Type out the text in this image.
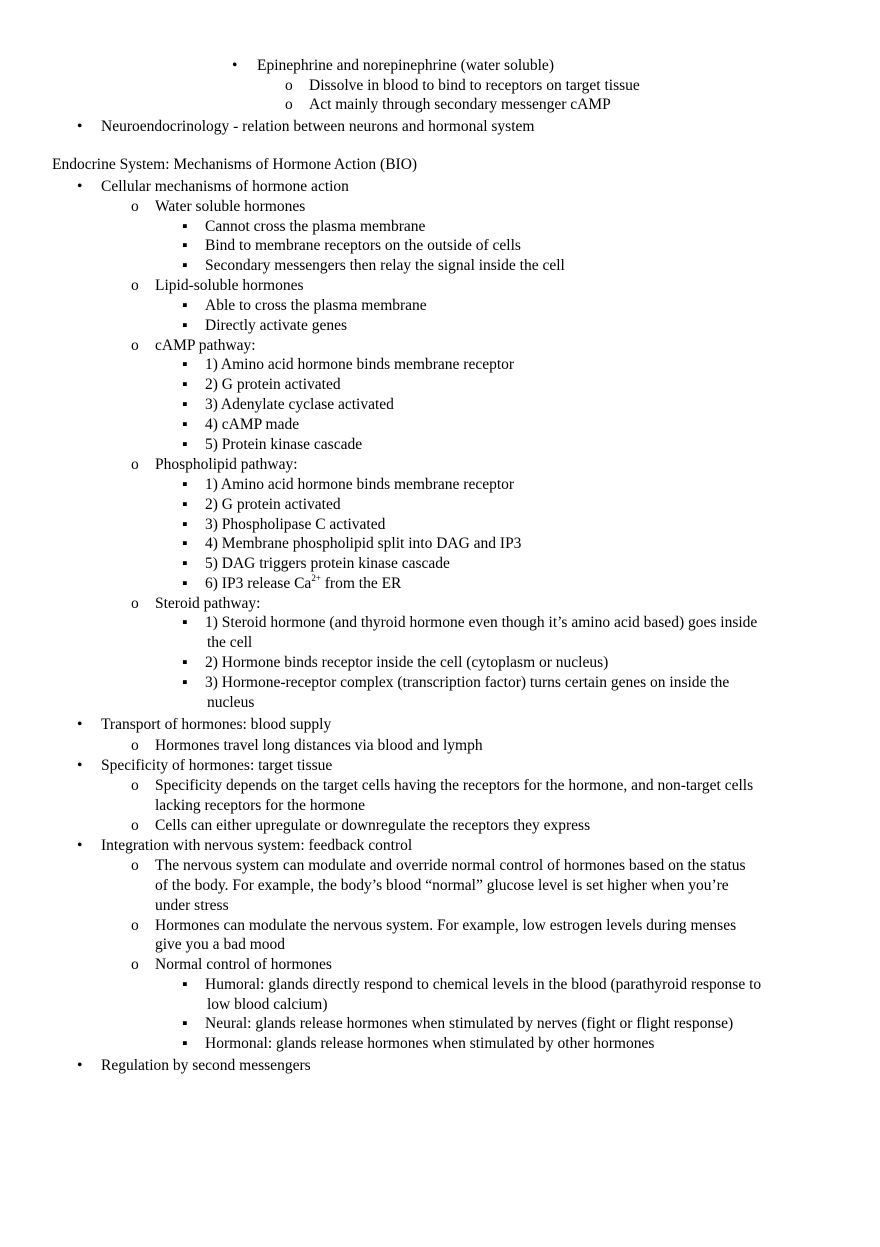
• Epinephrine and norepinephrine (water soluble)

o Dissolve in blood to bind to receptors on target tissue

o Act mainly through secondary messenger cAMP

• Neuroendocrinology - relation between neurons and hormonal system

Endocrine System: Mechanisms of Hormone Action (BIO)

• Cellular mechanisms of hormone action

o Water soluble hormones

▪ Cannot cross the plasma membrane

▪ Bind to membrane receptors on the outside of cells

▪ Secondary messengers then relay the signal inside the cell

o Lipid-soluble hormones

▪ Able to cross the plasma membrane

▪ Directly activate genes

o cAMP pathway:

▪ 1) Amino acid hormone binds membrane receptor

▪ 2) G protein activated

▪ 3) Adenylate cyclase activated

▪ 4) cAMP made

▪ 5) Protein kinase cascade

o Phospholipid pathway:

▪ 1) Amino acid hormone binds membrane receptor

▪ 2) G protein activated

▪ 3) Phospholipase C activated

▪ 4) Membrane phospholipid split into DAG and IP3

▪ 5) DAG triggers protein kinase cascade

▪ 6) IP3 release $Ca^{2+}$ from the ER

o Steroid pathway:

▪ 1) Steroid hormone (and thyroid hormone even though it’s amino acid based) goes inside

the cell

▪ 2) Hormone binds receptor inside the cell (cytoplasm or nucleus)

▪ 3) Hormone-receptor complex (transcription factor) turns certain genes on inside the

nucleus

• Transport of hormones: blood supply

o Hormones travel long distances via blood and lymph

• Specificity of hormones: target tissue

o Specificity depends on the target cells having the receptors for the hormone, and non-target cells

lacking receptors for the hormone

o Cells can either upregulate or downregulate the receptors they express

• Integration with nervous system: feedback control

o The nervous system can modulate and override normal control of hormones based on the status

of the body. For example, the body’s blood “normal” glucose level is set higher when you’re

under stress

o Hormones can modulate the nervous system. For example, low estrogen levels during menses

give you a bad mood

o Normal control of hormones

▪ Humoral: glands directly respond to chemical levels in the blood (parathyroid response to

low blood calcium)

▪ Neural: glands release hormones when stimulated by nerves (fight or flight response)

▪ Hormonal: glands release hormones when stimulated by other hormones

• Regulation by second messengers
